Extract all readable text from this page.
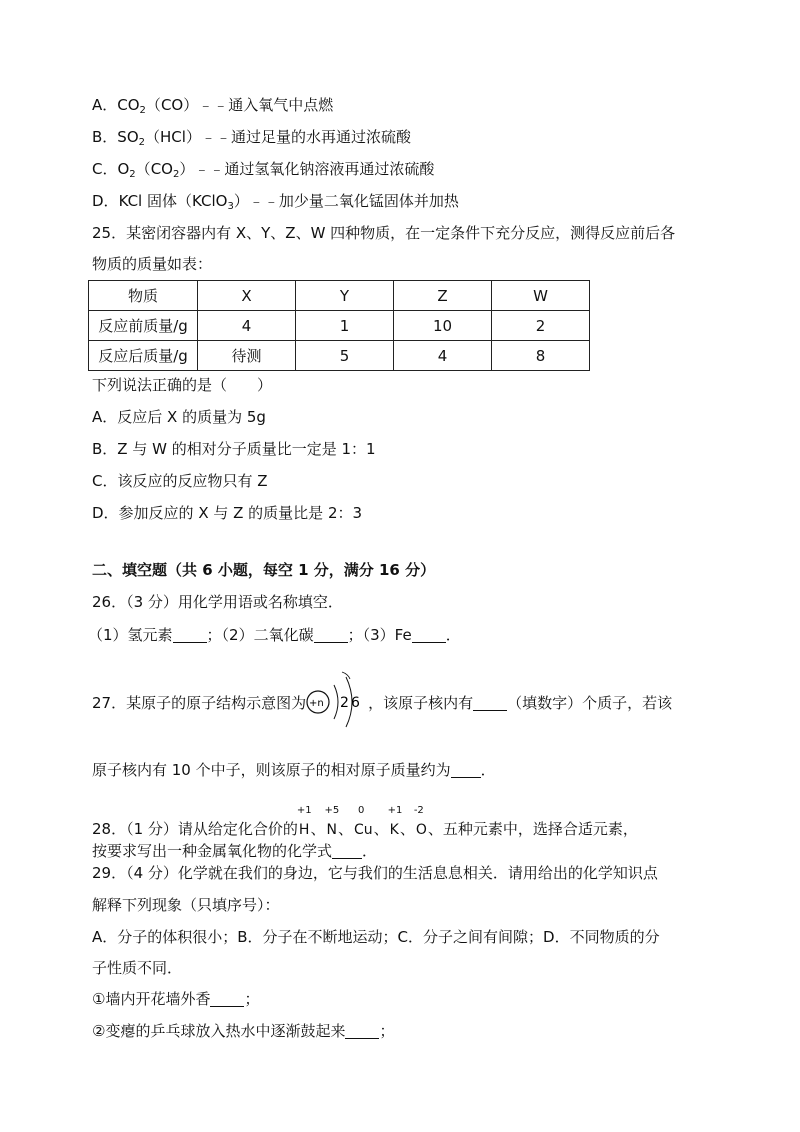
A．$CO_2(CO)﹣﹣$通入氧气中点燃
B．$SO_2(HCl)﹣﹣$通过足量的水再通过浓硫酸
C．$O_2(CO_2)﹣﹣$通过氢氧化钠溶液再通过浓硫酸
D．KCl 固体（KClO$_3$）﹣﹣加少量二氧化锰固体并加热
25．某密闭容器内有 X、Y、Z、W 四种物质，在一定条件下充分反应，测得反应前后各
物质的质量如表：
物质	X	Y	Z	W
反应前质量/g	4	1	10	2
反应后质量/g	待测	5	4	8
下列说法正确的是（　　）
A．反应后 X 的质量为 5g
B．Z 与 W 的相对分子质量比一定是 1：1
C．该反应的反应物只有 Z
D．参加反应的 X 与 Z 的质量比是 2：3
二、填空题（共 6 小题，每空 1 分，满分 16 分）
26．（3 分）用化学用语或名称填空．
（1）氢元素 ；（2）二氧化碳 ；（3）Fe ．
27．某原子的原子结构示意图为 +n 2 6 ，该原子核内有 （填数字）个质子，若该
原子核内有 10 个中子，则该原子的相对原子质量约为 ．
28．（1 分）请从给定化合价的
+1
H、
+5
N、
0
Cu、
+1
K、
-2
O、五种元素中，选择合适元素，
按要求写出一种金属氧化物的化学式 ．
29．（4 分）化学就在我们的身边，它与我们的生活息息相关．请用给出的化学知识点
解释下列现象（只填序号）：
A．分子的体积很小；B．分子在不断地运动；C．分子之间有间隙；D．不同物质的分
子性质不同．
①墙内开花墙外香 ；
②变瘪的乒乓球放入热水中逐渐鼓起来 ；
